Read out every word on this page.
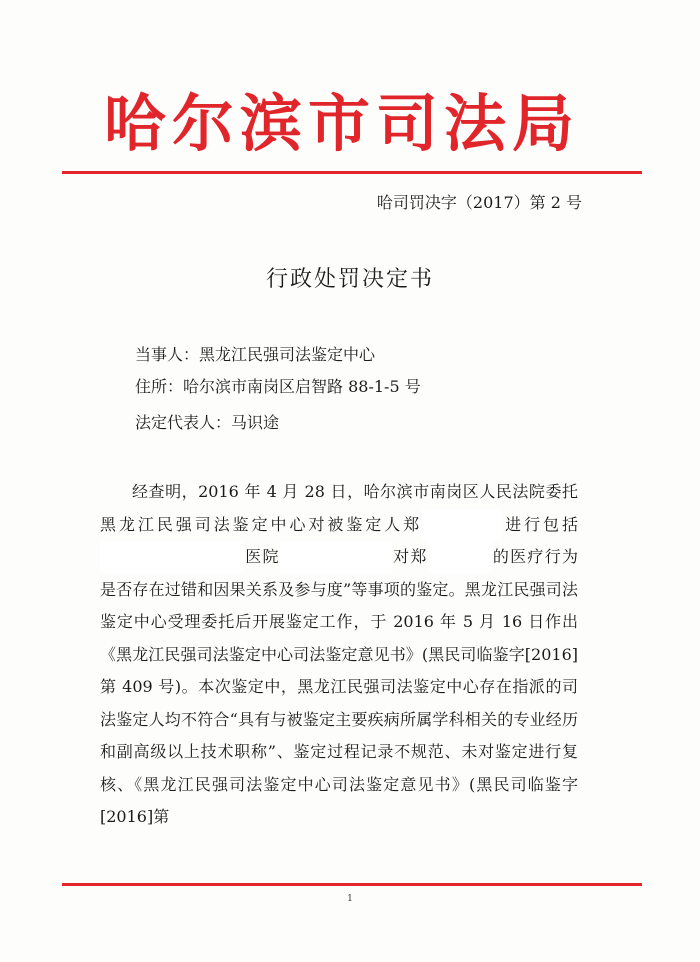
哈尔滨市司法局
哈司罚决字（2017）第 2 号
行政处罚决定书
当事人：黑龙江民强司法鉴定中心
住所：哈尔滨市南岗区启智路 88-1-5 号
法定代表人：马识途
经查明，2016 年 4 月 28 日，哈尔滨市南岗区人民法院委托黑龙江民强司法鉴定中心对被鉴定人郑　　　	进行包括　　　　　　　医院　　　　　	对郑　　	的医疗行为是否存在过错和因果关系及参与度”等事项的鉴定。黑龙江民强司法鉴定中心受理委托后开展鉴定工作，于 2016 年 5 月 16 日作出《黑龙江民强司法鉴定中心司法鉴定意见书》(黑民司临鉴字[2016]第 409 号)。本次鉴定中，黑龙江民强司法鉴定中心存在指派的司法鉴定人均不符合“具有与被鉴定主要疾病所属学科相关的专业经历和副高级以上技术职称”、鉴定过程记录不规范、未对鉴定进行复核、《黑龙江民强司法鉴定中心司法鉴定意见书》(黑民司临鉴字[2016]第
1
